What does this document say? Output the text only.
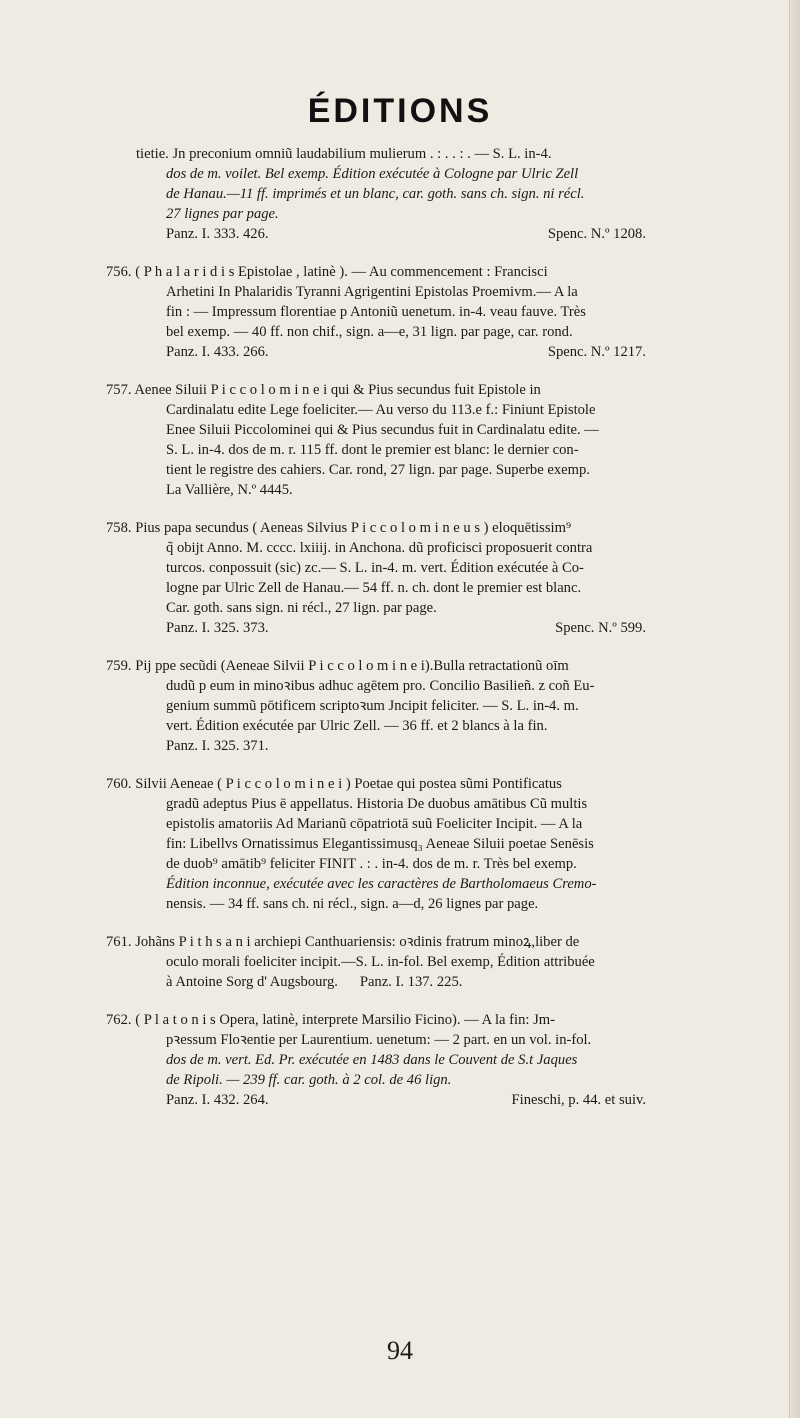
ÉDITIONS
tietie. Jn preconium omniũ laudabilium mulierum . : . . : . — S. L. in-4.
dos de m. voilet. Bel exemp. Édition exécutée à Cologne par Ulric Zell
de Hanau.—11 ff. imprimés et un blanc, car. goth. sans ch. sign. ni récl.
27 lignes par page.
Panz. I. 333. 426.	Spenc. N.º 1208.
756. ( P h a l a r i d i s Epistolae , latinè ). — Au commencement : Francisci
Arhetini In Phalaridis Tyranni Agrigentini Epistolas Proemivm.— A la
fin : — Impressum florentiae p Antoniũ uenetum. in-4. veau fauve. Très
bel exemp. — 40 ff. non chif., sign. a—e, 31 lign. par page, car. rond.
Panz. I. 433. 266.	Spenc. N.º 1217.
757. Aenee Siluii P i c c o l o m i n e i qui & Pius secundus fuit Epistole in
Cardinalatu edite Lege foeliciter.— Au verso du 113.e f.: Finiunt Epistole
Enee Siluii Piccolominei qui & Pius secundus fuit in Cardinalatu edite. —
S. L. in-4. dos de m. r. 115 ff. dont le premier est blanc: le dernier con-
tient le registre des cahiers. Car. rond, 27 lign. par page. Superbe exemp.
La Vallière, N.º 4445.
758. Pius papa secundus ( Aeneas Silvius P i c c o l o m i n e u s ) eloquētissim⁹
q̃ obijt Anno. M. cccc. lxiiij. in Anchona. dũ proficisci proposuerit contra
turcos. conpossuit (sic) zc.— S. L. in-4. m. vert. Édition exécutée à Co-
logne par Ulric Zell de Hanau.— 54 ff. n. ch. dont le premier est blanc.
Car. goth. sans sign. ni récl., 27 lign. par page.
Panz. I. 325. 373.	Spenc. N.º 599.
759. Pij ppe secũdi (Aeneae Silvii P i c c o l o m i n e i).Bulla retractationũ oīm
dudũ p eum in minoꝛibus adhuc agētem pro. Concilio Basilieñ. z coñ Eu-
genium summũ pōtificem scriptoꝛum Jncipit feliciter. — S. L. in-4. m.
vert. Édition exécutée par Ulric Zell. — 36 ff. et 2 blancs à la fin.
Panz. I. 325. 371.
760. Silvii Aeneae ( P i c c o l o m i n e i ) Poetae qui postea sũmi Pontificatus
gradũ adeptus Pius ē appellatus. Historia De duobus amātibus Cũ multis
epistolis amatoriis Ad Marianũ cōpatriotā suũ Foeliciter Incipit. — A la
fin: Libellvs Ornatissimus Elegantissimusq₃ Aeneae Siluii poetae Senēsis
de duob⁹ amātib⁹ feliciter FINIT . : . in-4. dos de m. r. Très bel exemp.
Édition inconnue, exécutée avec les caractères de Bartholomaeus Cremo-
nensis. — 34 ff. sans ch. ni récl., sign. a—d, 26 lignes par page.
761. Johãns P i t h s a n i archiepi Canthuariensis: oꝛdinis fratrum minoꝝ,liber de
oculo morali foeliciter incipit.—S. L. in-fol. Bel exemp, Édition attribuée
à Antoine Sorg d' Augsbourg.      Panz. I. 137. 225.
762. ( P l a t o n i s Opera, latinè, interprete Marsilio Ficino). — A la fin: Jm-
pꝛessum Floꝛentie per Laurentium. uenetum: — 2 part. en un vol. in-fol.
dos de m. vert. Ed. Pr. exécutée en 1483 dans le Couvent de S.t Jaques
de Ripoli. — 239 ff. car. goth. à 2 col. de 46 lign.
Panz. I. 432. 264.	Fineschi, p. 44. et suiv.
94
